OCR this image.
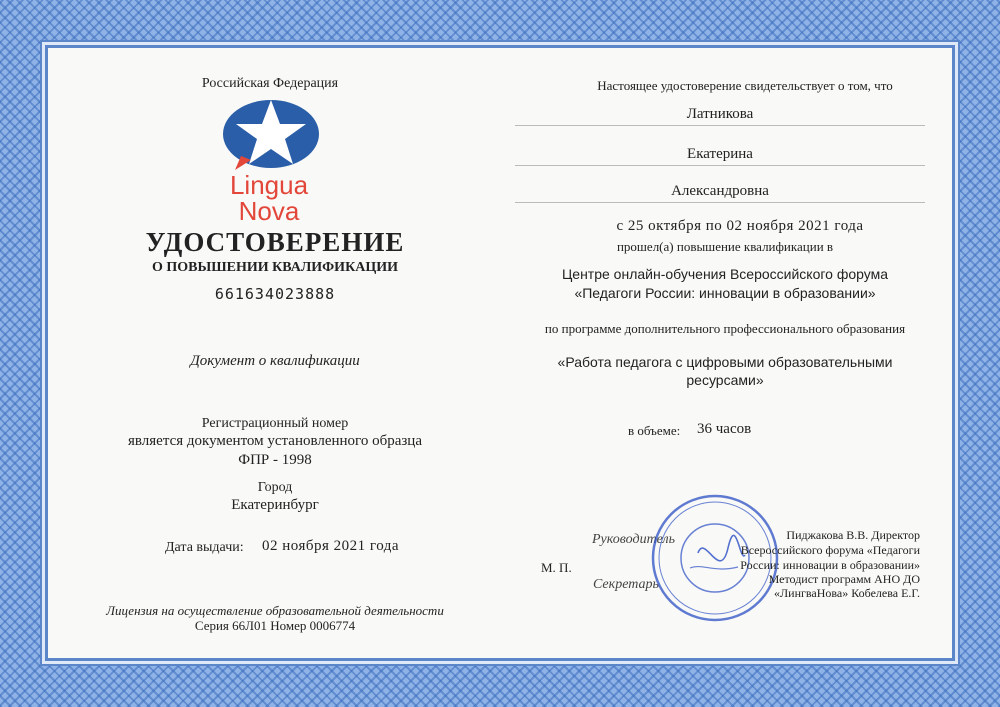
Российская Федерация
Lingua
Nova
УДОСТОВЕРЕНИЕ
О ПОВЫШЕНИИ КВАЛИФИКАЦИИ
661634023888
Документ о квалификации
Регистрационный номер
является документом установленного образца
ФПР - 1998
Город
Екатеринбург
Дата выдачи: 02 ноября 2021 года
Лицензия на осуществление образовательной деятельности
Серия 66Л01 Номер 0006774
Настоящее удостоверение свидетельствует о том, что
Латникова
Екатерина
Александровна
с 25 октября по 02 ноября 2021 года
прошел(а) повышение квалификации в
Центре онлайн-обучения Всероссийского форума
«Педагоги России: инновации в образовании»
по программе дополнительного профессионального образования
«Работа педагога с цифровыми образовательными
ресурсами»
в объеме: 36 часов
М. П.
Руководитель
Секретарь
Пиджакова В.В. Директор
Всероссийского форума «Педагоги
России: инновации в образовании»
Методист программ АНО ДО
«ЛингваНова» Кобелева Е.Г.
